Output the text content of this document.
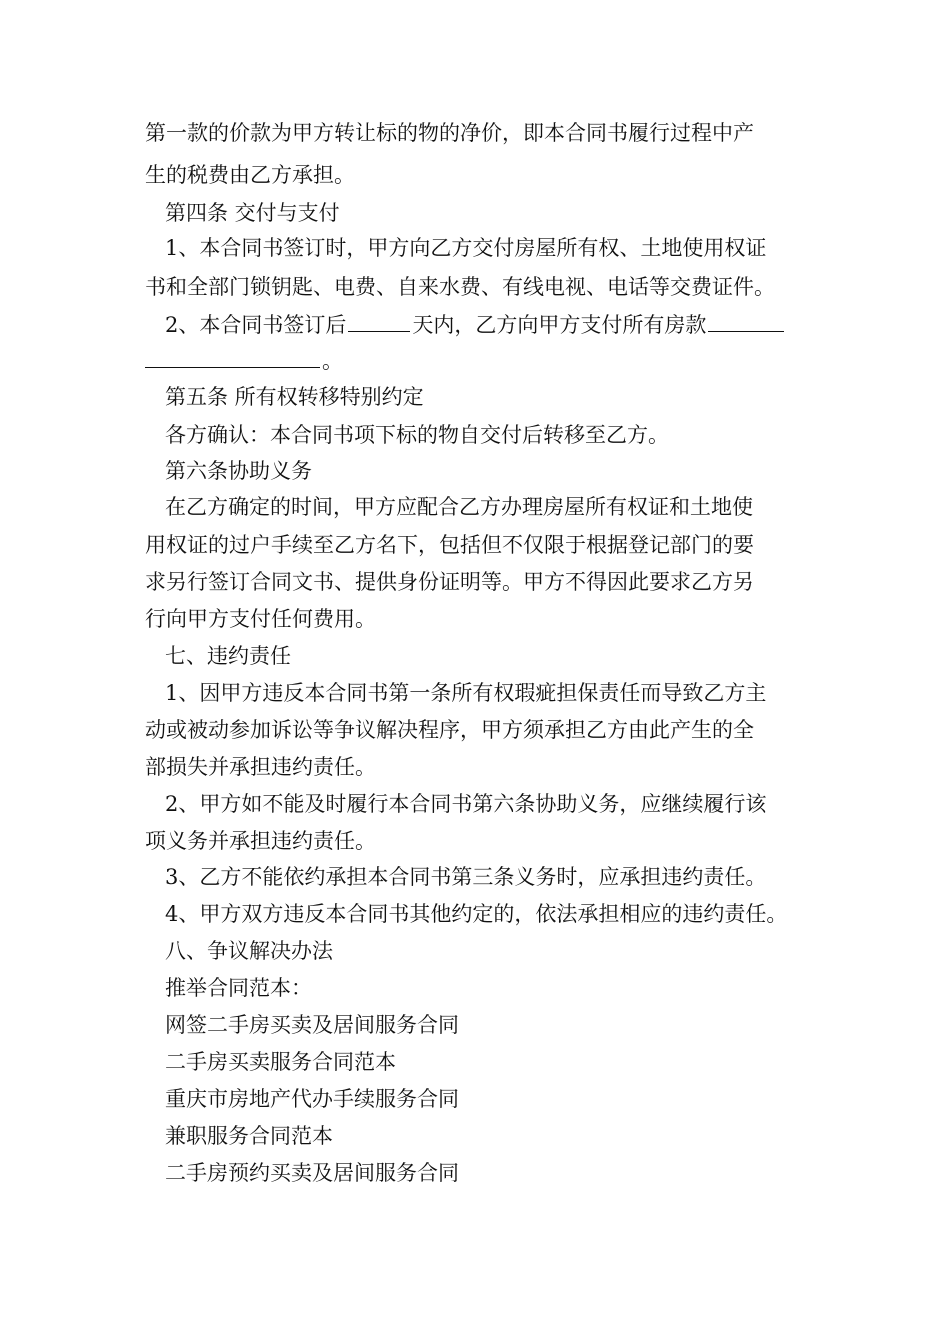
第一款的价款为甲方转让标的物的净价，即本合同书履行过程中产
生的税费由乙方承担。
第四条 交付与支付
1、本合同书签订时，甲方向乙方交付房屋所有权、土地使用权证
书和全部门锁钥匙、电费、自来水费、有线电视、电话等交费证件。
2、本合同书签订后	天内，乙方向甲方支付所有房款
。
第五条 所有权转移特别约定
各方确认：本合同书项下标的物自交付后转移至乙方。
第六条协助义务
在乙方确定的时间，甲方应配合乙方办理房屋所有权证和土地使
用权证的过户手续至乙方名下，包括但不仅限于根据登记部门的要
求另行签订合同文书、提供身份证明等。甲方不得因此要求乙方另
行向甲方支付任何费用。
七、违约责任
1、因甲方违反本合同书第一条所有权瑕疵担保责任而导致乙方主
动或被动参加诉讼等争议解决程序，甲方须承担乙方由此产生的全
部损失并承担违约责任。
2、甲方如不能及时履行本合同书第六条协助义务，应继续履行该
项义务并承担违约责任。
3、乙方不能依约承担本合同书第三条义务时，应承担违约责任。
4、甲方双方违反本合同书其他约定的，依法承担相应的违约责任。
八、争议解决办法
推举合同范本：
网签二手房买卖及居间服务合同
二手房买卖服务合同范本
重庆市房地产代办手续服务合同
兼职服务合同范本
二手房预约买卖及居间服务合同
